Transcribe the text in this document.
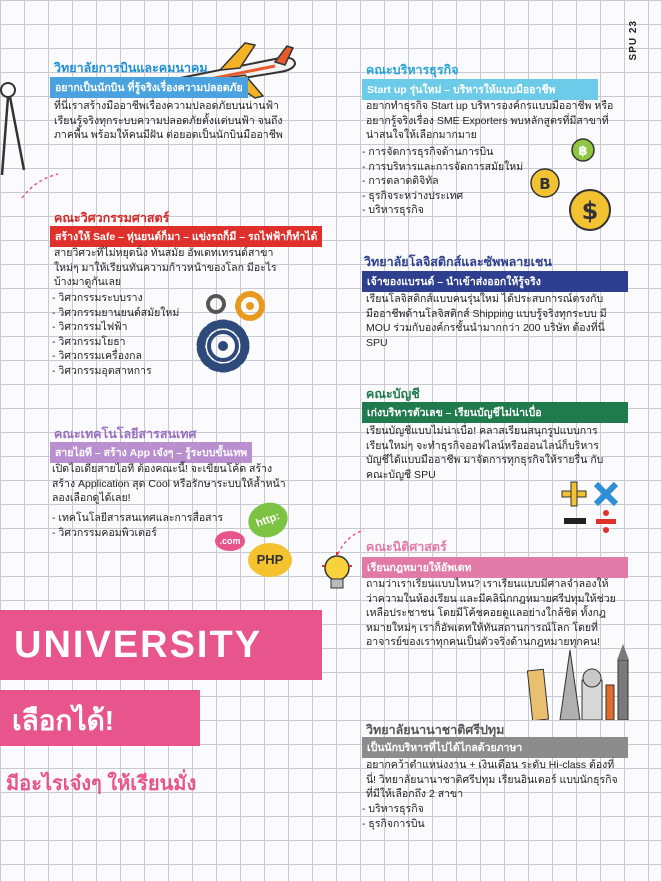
SPU 23
วิทยาลัยการบินและคมนาคม
อยากเป็นนักบิน ที่รู้จริงเรื่องความปลอดภัย
ที่นี่เราสร้างมืออาชีพเรื่องความปลอดภัยบนน่านฟ้า เรียนรู้จริงทุกระบบความปลอดภัยตั้งแต่บนฟ้า จนถึงภาคพื้น พร้อมให้คนมีฝัน ต่อยอดเป็นนักบินมืออาชีพ
คณะวิศวกรรมศาสตร์
สร้างให้ Safe – หุ่นยนต์ก็มา – แข่งรถก็มี – รถไฟฟ้าก็ทำได้
สายวิศวะที่ไม่หยุดนิ่ง ทันสมัย อัพเดทเทรนด์สาขาใหม่ๆ มาให้เรียนทันความก้าวหน้าของโลก มีอะไรบ้างมาดูกันเลย
- วิศวกรรมระบบราง
- วิศวกรรมยานยนต์สมัยใหม่
- วิศวกรรมไฟฟ้า
- วิศวกรรมโยธา
- วิศวกรรมเครื่องกล
- วิศวกรรมอุตสาหการ
คณะเทคโนโลยีสารสนเทศ
สายไอที – สร้าง App เจ๋งๆ – รู้ระบบขั้นเทพ
เปิดไอเดียสายไอที ต้องคณะนี้! จะเขียนโค้ด สร้าง สร้าง Application สุด Cool หรือรักษาระบบให้ล้ำหน้า ลองเลือกดูได้เลย!
- เทคโนโลยีสารสนเทศและการสื่อสาร
- วิศวกรรมคอมพิวเตอร์
http:
.com
PHP
คณะบริหารธุรกิจ
Start up รุ่นใหม่ – บริหารให้แบบมืออาชีพ
อยากทำธุรกิจ Start up บริหารองค์กรแบบมืออาชีพ หรืออยากรู้จริงเรื่อง SME Exporters พบหลักสูตรที่มีสาขาที่น่าสนใจให้เลือกมากมาย
- การจัดการธุรกิจด้านการบิน
- การบริหารและการจัดการสมัยใหม่
- การตลาดดิจิทัล
- ธุรกิจระหว่างประเทศ
- บริหารธุรกิจ
฿
B
$
วิทยาลัยโลจิสติกส์และซัพพลายเชน
เจ้าของแบรนด์ – นำเข้าส่งออกให้รู้จริง
เรียนโลจิสติกส์แบบคนรุ่นใหม่ ได้ประสบการณ์ตรงกับมืออาชีพด้านโลจิสติกส์ Shipping แบบรู้จริงทุกระบบ มี MOU ร่วมกับองค์กรชั้นนำมากกว่า 200 บริษัท ต้องที่นี่ SPU
คณะบัญชี
เก่งบริหารตัวเลข – เรียนบัญชีไม่น่าเบื่อ
เรียนบัญชีแบบไม่น่าเบื่อ! คลาสเรียนสนุกรูปแบบการเรียนใหม่ๆ จะทำธุรกิจออฟไลน์หรือออนไลน์ก็บริหารบัญชีได้แบบมืออาชีพ มาจัดการทุกธุรกิจให้รายรื่น กับคณะบัญชี SPU
คณะนิติศาสตร์
เรียนกฎหมายให้อัพเดท
ถามว่าเราเรียนแบบไหน? เราเรียนแบบมีศาลจำลองให้ว่าความในห้องเรียน และมีคลินิกกฎหมายศรีปทุมให้ช่วยเหลือประชาชน โดยมีโค้ชคอยดูแลอย่างใกล้ชิด ทั้งกฎหมายใหม่ๆ เราก็อัพเดทให้ทันสถานการณ์โลก โดยที่อาจารย์ของเราทุกคนเป็นตัวจริงด้านกฎหมายทุกคน!
วิทยาลัยนานาชาติศรีปทุม
เป็นนักบริหารที่ไปได้ไกลด้วยภาษา
อยากคว้าตำแหน่งงาน + เงินเดือน ระดับ Hi-class ต้องที่นี่! วิทยาลัยนานาชาติศรีปทุม เรียนอินเตอร์ แบบนักธุรกิจ ที่มีให้เลือกถึง 2 สาขา
- บริหารธุรกิจ
- ธุรกิจการบิน
UNIVERSITY
เลือกได้!
มีอะไรเจ๋งๆ ให้เรียนมั่ง
